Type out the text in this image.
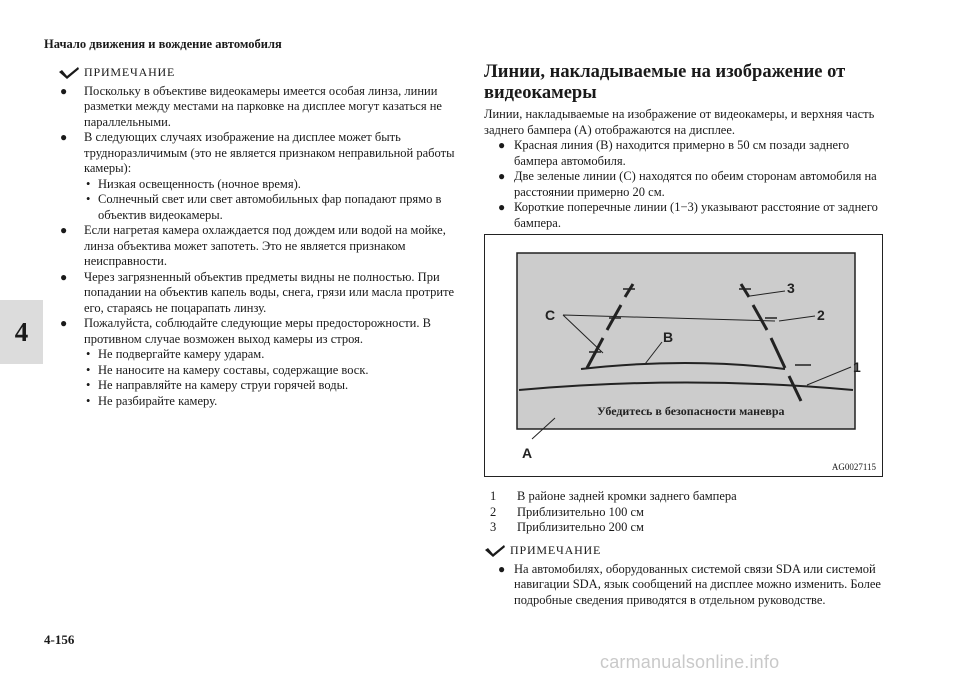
Начало движения и вождение автомобиля
4
4-156
carmanualsonline.info
ПРИМЕЧАНИЕ
● Поскольку в объективе видеокамеры имеется особая линза, линии разметки между местами на парковке на дисплее могут казаться не параллельными.
● В следующих случаях изображение на дисплее может быть трудноразличимым (это не является признаком неправильной работы камеры):
• Низкая освещенность (ночное время).
• Солнечный свет или свет автомобильных фар попадают прямо в объектив видеокамеры.
● Если нагретая камера охлаждается под дождем или водой на мойке, линза объектива может запотеть. Это не является признаком неисправности.
● Через загрязненный объектив предметы видны не полностью. При попадании на объектив капель воды, снега, грязи или масла протрите его, стараясь не поцарапать линзу.
● Пожалуйста, соблюдайте следующие меры предосторожности. В противном случае возможен выход камеры из строя.
• Не подвергайте камеру ударам.
• Не наносите на камеру составы, содержащие воск.
• Не направляйте на камеру струи горячей воды.
• Не разбирайте камеру.
Линии, накладываемые на изображение от видеокамеры
Линии, накладываемые на изображение от видеокамеры, и верхняя часть заднего бампера (A) отображаются на дисплее.
● Красная линия (B) находится примерно в 50 см позади заднего бампера автомобиля.
● Две зеленые линии (C) находятся по обеим сторонам автомобиля на расстоянии примерно 20 см.
● Короткие поперечные линии (1−3) указывают расстояние от заднего бампера.
C
B
3
2
1
A
Убедитесь в безопасности маневра
AG0027115
1	В районе задней кромки заднего бампера
2	Приблизительно 100 см
3	Приблизительно 200 см
ПРИМЕЧАНИЕ
● На автомобилях, оборудованных системой связи SDA или системой навигации SDA, язык сообщений на дисплее можно изменить. Более подробные сведения приводятся в отдельном руководстве.
